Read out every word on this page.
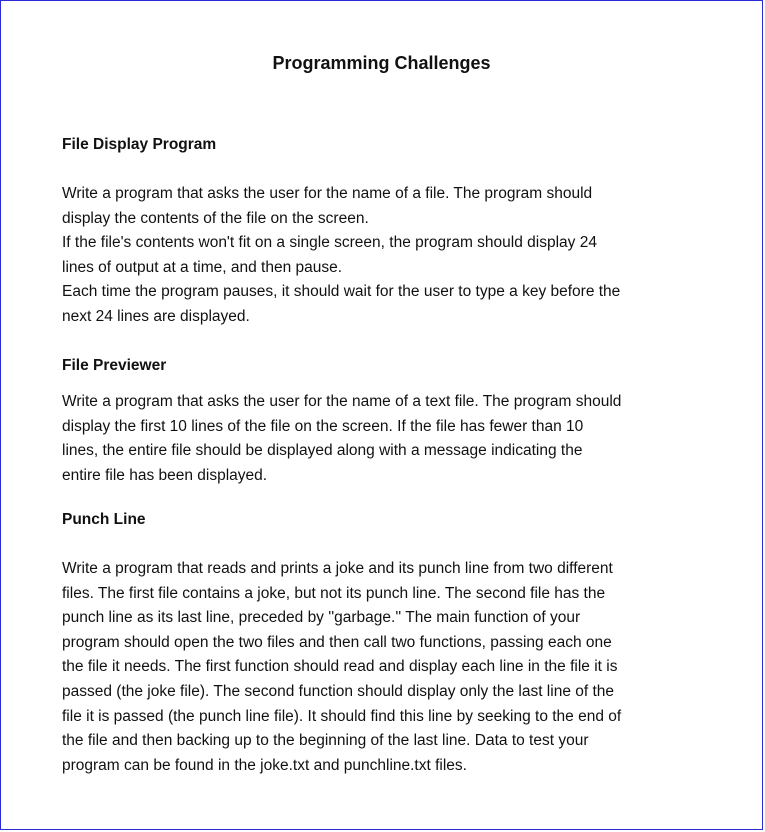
Programming Challenges
File Display Program

Write a program that asks the user for the name of a file. The program should
display the contents of the file on the screen.
If the file's contents won't fit on a single screen, the program should display 24
lines of output at a time, and then pause.
Each time the program pauses, it should wait for the user to type a key before the
next 24 lines are displayed.

File Previewer

Write a program that asks the user for the name of a text file. The program should
display the first 10 lines of the file on the screen. If the file has fewer than 10
lines, the entire file should be displayed along with a message indicating the
entire file has been displayed.

Punch Line

Write a program that reads and prints a joke and its punch line from two different
files. The first file contains a joke, but not its punch line. The second file has the
punch line as its last line, preceded by ''garbage.'' The main function of your
program should open the two files and then call two functions, passing each one
the file it needs. The first function should read and display each line in the file it is
passed (the joke file). The second function should display only the last line of the
file it is passed (the punch line file). It should find this line by seeking to the end of
the file and then backing up to the beginning of the last line. Data to test your
program can be found in the joke.txt and punchline.txt files.
